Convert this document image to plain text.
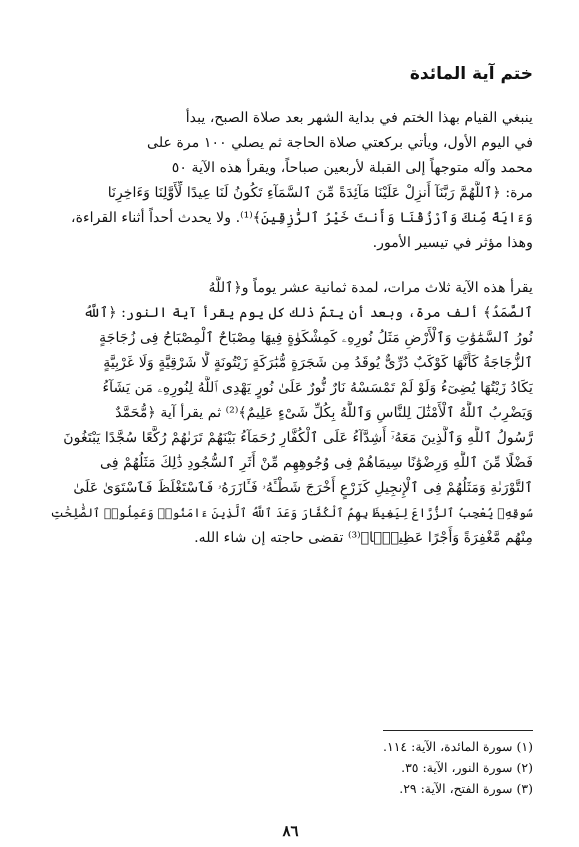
ختم آية المائدة

ينبغي القيام بهذا الختم في بداية الشهر بعد صلاة الصبح، يبدأ
في اليوم الأول، ويأتي بركعتي صلاة الحاجة ثم يصلي ١٠٠ مرة على
محمد وآله متوجهاً إلى القبلة لأربعين صباحاً، ويقرأ هذه الآية ٥٠
مرة: ﴿ٱللَّهُمَّ رَبَّنَآ أَنزِلْ عَلَيْنَا مَآئِدَةً مِّنَ ٱلسَّمَآءِ تَكُونُ لَنَا عِيدًا لِّأَوَّلِنَا وَءَاخِرِنَا
وَءَايَةً مِّنكَ وَٱرْزُقْنَا وَأَنتَ خَيْرُ ٱلرَّٰزِقِينَ﴾⁽¹⁾. ولا يحدث أحداً أثناء القراءة،
وهذا مؤثر في تيسير الأمور.

يقرأ هذه الآية ثلاث مرات، لمدة ثمانية عشر يوماً و﴿ٱللَّهُ
ٱلصَّمَدُ﴾ ألف مرة، وبعد أن يتمّ ذلك كل يوم يقرأ آية النور: ﴿ٱللَّهُ
نُورُ ٱلسَّمَٰوَٰتِ وَٱلْأَرْضِ مَثَلُ نُورِهِۦ كَمِشْكَوٰةٍ فِيهَا مِصْبَاحٌ ٱلْمِصْبَاحُ فِى زُجَاجَةٍ
ٱلزُّجَاجَةُ كَأَنَّهَا كَوْكَبٌ دُرِّىٌّ يُوقَدُ مِن شَجَرَةٍ مُّبَٰرَكَةٍ زَيْتُونَةٍ لَّا شَرْقِيَّةٍ وَلَا غَرْبِيَّةٍ
يَكَادُ زَيْتُهَا يُضِىٓءُ وَلَوْ لَمْ تَمْسَسْهُ نَارٌ نُّورٌ عَلَىٰ نُورٍ يَهْدِى ٱللَّهُ لِنُورِهِۦ مَن يَشَآءُ
وَيَضْرِبُ ٱللَّهُ ٱلْأَمْثَٰلَ لِلنَّاسِ وَٱللَّهُ بِكُلِّ شَىْءٍ عَلِيمٌ﴾⁽²⁾ ثم يقرأ آية ﴿مُّحَمَّدٌ
رَّسُولُ ٱللَّهِ وَٱلَّذِينَ مَعَهُۥٓ أَشِدَّآءُ عَلَى ٱلْكُفَّارِ رُحَمَآءُ بَيْنَهُمْ تَرَىٰهُمْ رُكَّعًا سُجَّدًا يَبْتَغُونَ
فَضْلًا مِّنَ ٱللَّهِ وَرِضْوَٰنًا سِيمَاهُمْ فِى وُجُوهِهِم مِّنْ أَثَرِ ٱلسُّجُودِ ذَٰلِكَ مَثَلُهُمْ فِى
ٱلتَّوْرَىٰةِ وَمَثَلُهُمْ فِى ٱلْإِنجِيلِ كَزَرْعٍ أَخْرَجَ شَطْـَٔهُۥ فَـَٔازَرَهُۥ فَٱسْتَغْلَظَ فَٱسْتَوَىٰ عَلَىٰ
سُوقِهِۦ يُعْجِبُ ٱلزُّرَّاعَ لِيَغِيظَ بِهِمُ ٱلْكُفَّارَ وَعَدَ ٱللَّهُ ٱلَّذِينَ ءَامَنُوا۟ وَعَمِلُوا۟ ٱلصَّٰلِحَٰتِ
مِنْهُم مَّغْفِرَةً وَأَجْرًا عَظِيمًۢا﴾⁽³⁾ تقضى حاجته إن شاء الله.

(١) سورة المائدة، الآية: ١١٤.
(٢) سورة النور، الآية: ٣٥.
(٣) سورة الفتح، الآية: ٢٩.
٨٦
